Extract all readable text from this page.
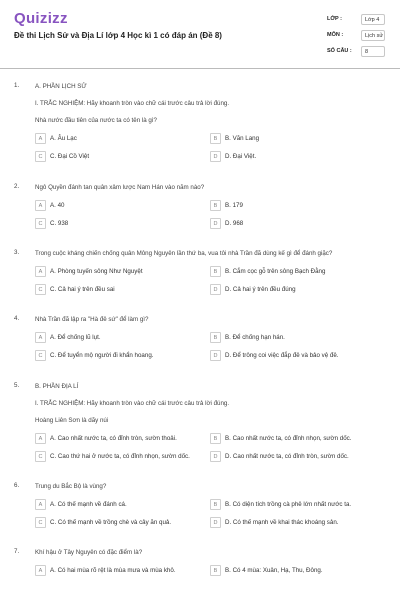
Quizizz
Đề thi Lịch Sử và Địa Lí lớp 4 Học kì 1 có đáp án (Đề 8)
LỚP :	Lớp 4
MÔN :	Lịch sử
SỐ CÂU :	8
1.	A. PHẦN LỊCH SỬ
I. TRẮC NGHIỆM: Hãy khoanh tròn vào chữ cái trước câu trả lời đúng.
Nhà nước đầu tiên của nước ta có tên là gì?
A	A. Âu Lạc	B	B. Văn Lang
C	C. Đại Cồ Việt	D	D. Đại Việt.
2.	Ngô Quyền đánh tan quân xâm lược Nam Hán vào năm nào?
A	A. 40	B	B. 179
C	C. 938	D	D. 968
3.	Trong cuộc kháng chiến chống quân Mông Nguyên lần thứ ba, vua tôi nhà Trần đã dùng kế gì để đánh giặc?
A	A. Phòng tuyến sông Như Nguyệt	B	B. Cắm cọc gỗ trên sông Bạch Đằng
C	C. Cả hai ý trên đều sai	D	D. Cả hai ý trên đều đúng
4.	Nhà Trần đã lập ra "Hà đê sứ" để làm gì?
A	A. Để chống lũ lụt.	B	B. Để chống hạn hán.
C	C. Để tuyển mộ người đi khẩn hoang.	D	D. Để trông coi việc đắp đê và bảo vệ đê.
5.	B. PHẦN ĐỊA LÍ
I. TRẮC NGHIỆM: Hãy khoanh tròn vào chữ cái trước câu trả lời đúng.
Hoàng Liên Sơn là dãy núi
A	A. Cao nhất nước ta, có đỉnh tròn, sườn thoải.	B	B. Cao nhất nước ta, có đỉnh nhọn, sườn dốc.
C	C. Cao thứ hai ở nước ta, có đỉnh nhọn, sườn dốc.	D	D. Cao nhất nước ta, có đỉnh tròn, sườn dốc.
6.	Trung du Bắc Bộ là vùng?
A	A. Có thế mạnh về đánh cá.	B	B. Có diện tích trồng cà phê lớn nhất nước ta.
C	C. Có thế mạnh về trồng chè và cây ăn quả.	D	D. Có thế mạnh về khai thác khoáng sản.
7.	Khí hậu ở Tây Nguyên có đặc điểm là?
A	A. Có hai mùa rõ rệt là mùa mưa và mùa khô.	B	B. Có 4 mùa: Xuân, Hạ, Thu, Đông.
